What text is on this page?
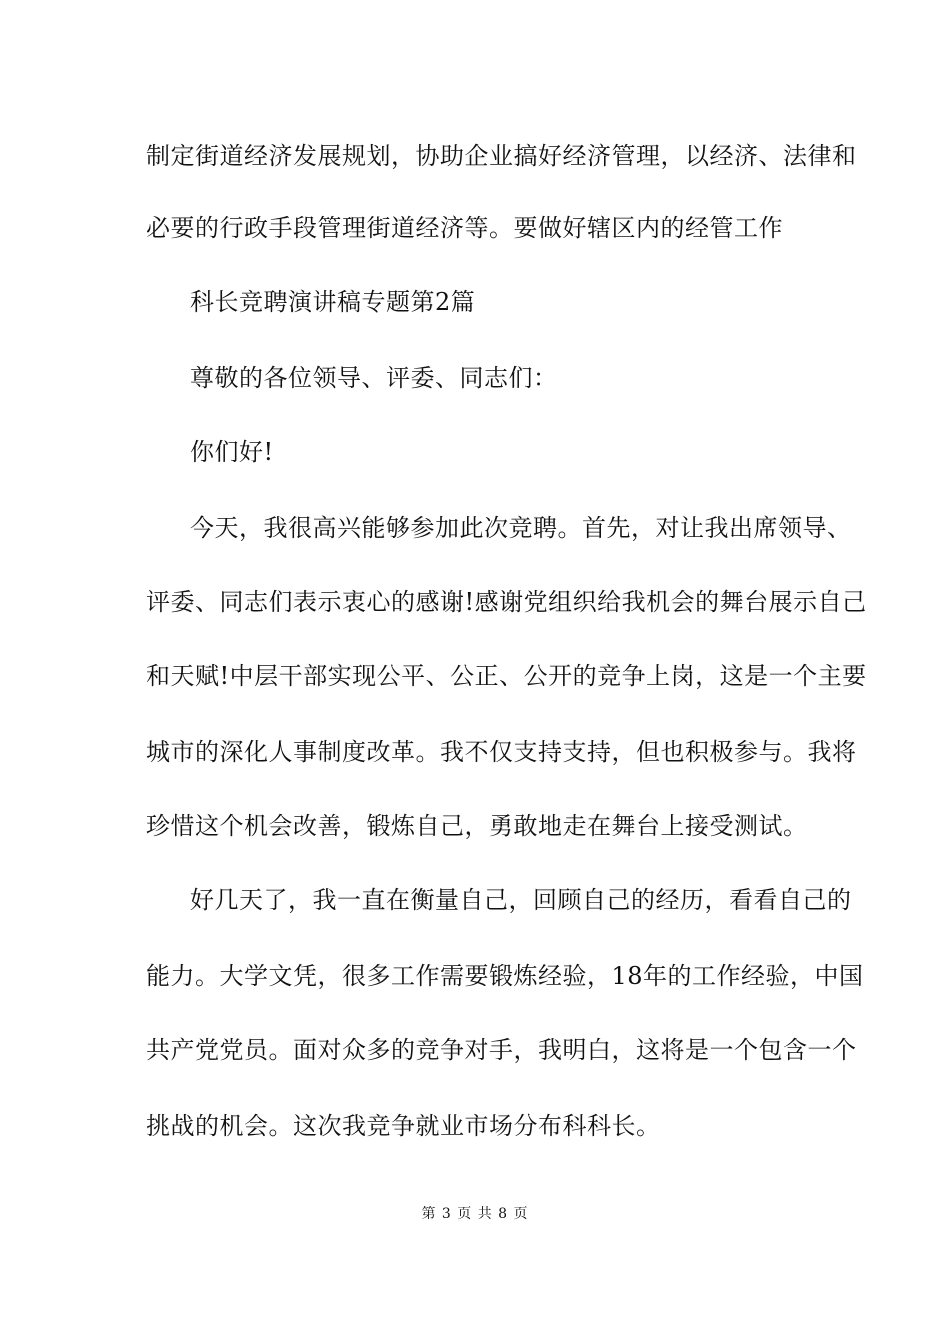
制定街道经济发展规划，协助企业搞好经济管理，以经济、法律和
必要的行政手段管理街道经济等。要做好辖区内的经管工作
科长竞聘演讲稿专题第2篇
尊敬的各位领导、评委、同志们：
你们好!
今天，我很高兴能够参加此次竞聘。首先，对让我出席领导、
评委、同志们表示衷心的感谢!感谢党组织给我机会的舞台展示自己
和天赋!中层干部实现公平、公正、公开的竞争上岗，这是一个主要
城市的深化人事制度改革。我不仅支持支持，但也积极参与。我将
珍惜这个机会改善，锻炼自己，勇敢地走在舞台上接受测试。
好几天了，我一直在衡量自己，回顾自己的经历，看看自己的
能力。大学文凭，很多工作需要锻炼经验，18年的工作经验，中国
共产党党员。面对众多的竞争对手，我明白，这将是一个包含一个
挑战的机会。这次我竞争就业市场分布科科长。
第 3 页 共 8 页
